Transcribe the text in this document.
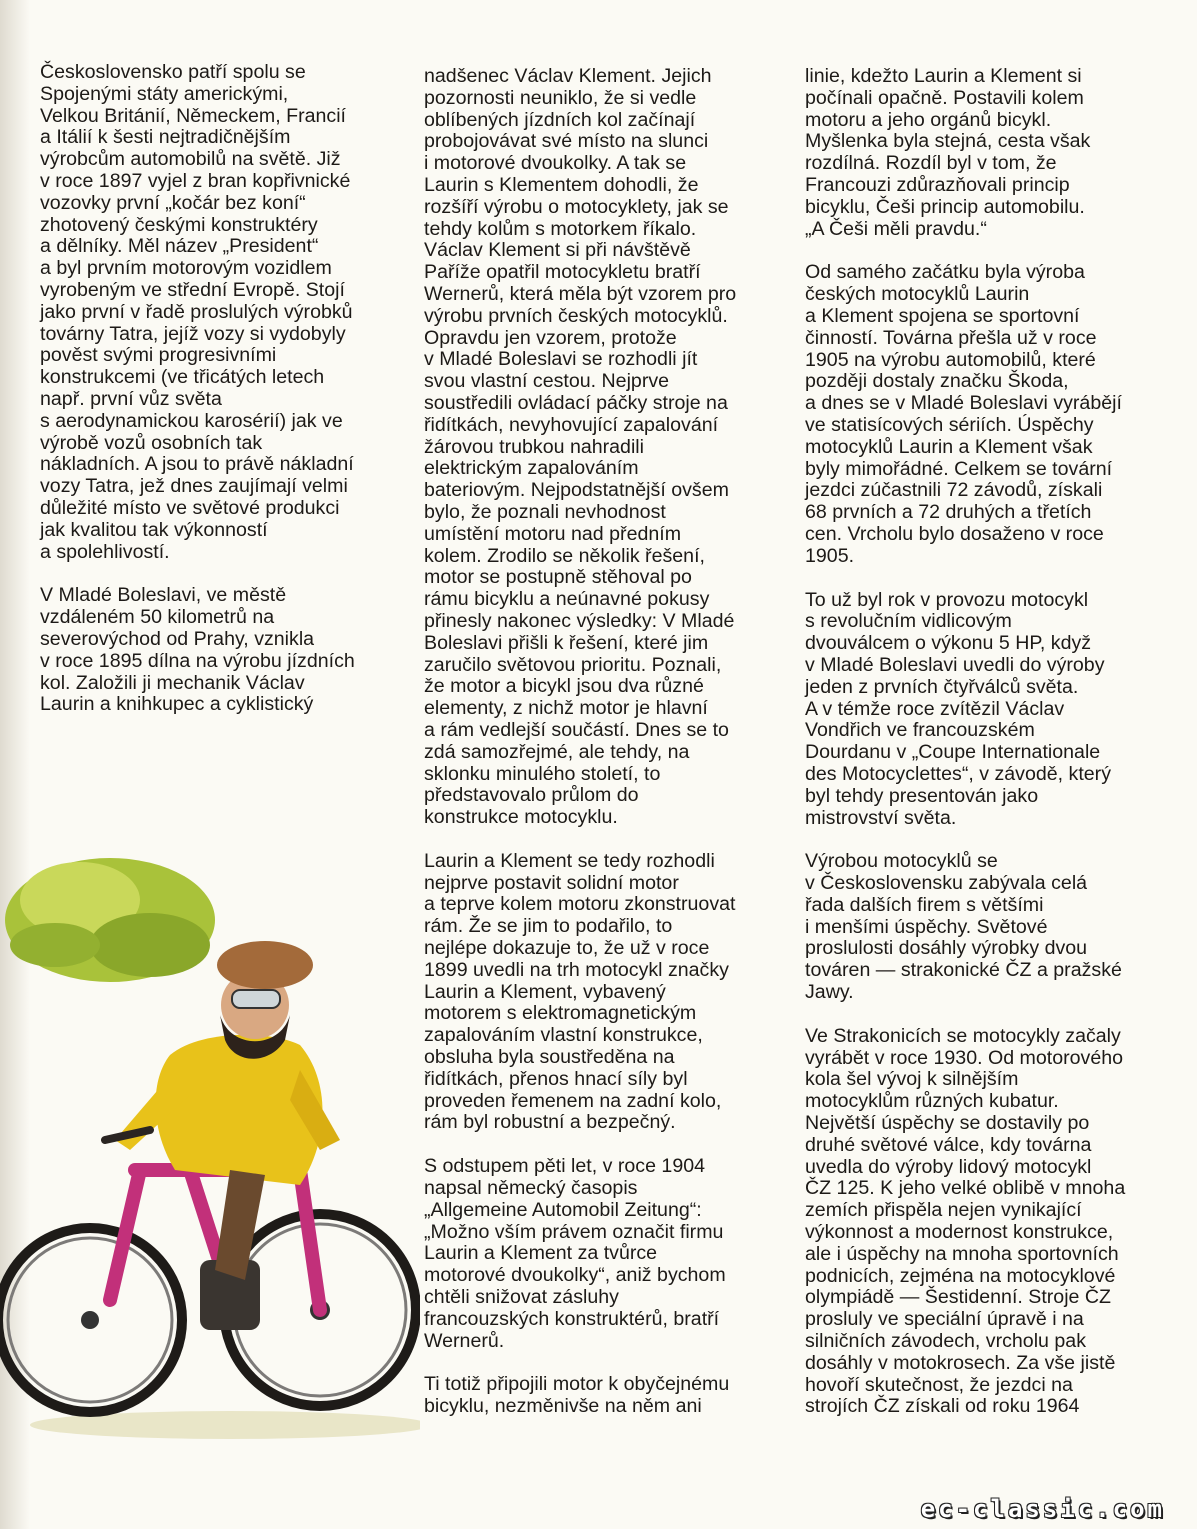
Československo patří spolu se
Spojenými státy americkými,
Velkou Británií, Německem, Francií
a Itálií k šesti nejtradičnějším
výrobcům automobilů na světě. Již
v roce 1897 vyjel z bran kopřivnické
vozovky první „kočár bez koní“
zhotovený českými konstruktéry
a dělníky. Měl název „President“
a byl prvním motorovým vozidlem
vyrobeným ve střední Evropě. Stojí
jako první v řadě proslulých výrobků
továrny Tatra, jejíž vozy si vydobyly
pověst svými progresivními
konstrukcemi (ve třicátých letech
např. první vůz světa
s aerodynamickou karosérií) jak ve
výrobě vozů osobních tak
nákladních. A jsou to právě nákladní
vozy Tatra, jež dnes zaujímají velmi
důležité místo ve světové produkci
jak kvalitou tak výkonností
a spolehlivostí.

V Mladé Boleslavi, ve městě
vzdáleném 50 kilometrů na
severovýchod od Prahy, vznikla
v roce 1895 dílna na výrobu jízdních
kol. Založili ji mechanik Václav
Laurin a knihkupec a cyklistický

nadšenec Václav Klement. Jejich
pozornosti neuniklo, že si vedle
oblíbených jízdních kol začínají
probojovávat své místo na slunci
i motorové dvoukolky. A tak se
Laurin s Klementem dohodli, že
rozšíří výrobu o motocyklety, jak se
tehdy kolům s motorkem říkalo.
Václav Klement si při návštěvě
Paříže opatřil motocykletu bratří
Wernerů, která měla být vzorem pro
výrobu prvních českých motocyklů.
Opravdu jen vzorem, protože
v Mladé Boleslavi se rozhodli jít
svou vlastní cestou. Nejprve
soustředili ovládací páčky stroje na
řidítkách, nevyhovující zapalování
žárovou trubkou nahradili
elektrickým zapalováním
bateriovým. Nejpodstatnější ovšem
bylo, že poznali nevhodnost
umístění motoru nad předním
kolem. Zrodilo se několik řešení,
motor se postupně stěhoval po
rámu bicyklu a neúnavné pokusy
přinesly nakonec výsledky: V Mladé
Boleslavi přišli k řešení, které jim
zaručilo světovou prioritu. Poznali,
že motor a bicykl jsou dva různé
elementy, z nichž motor je hlavní
a rám vedlejší součástí. Dnes se to
zdá samozřejmé, ale tehdy, na
sklonku minulého století, to
představovalo průlom do
konstrukce motocyklu.

Laurin a Klement se tedy rozhodli
nejprve postavit solidní motor
a teprve kolem motoru zkonstruovat
rám. Že se jim to podařilo, to
nejlépe dokazuje to, že už v roce
1899 uvedli na trh motocykl značky
Laurin a Klement, vybavený
motorem s elektromagnetickým
zapalováním vlastní konstrukce,
obsluha byla soustředěna na
řidítkách, přenos hnací síly byl
proveden řemenem na zadní kolo,
rám byl robustní a bezpečný.

S odstupem pěti let, v roce 1904
napsal německý časopis
„Allgemeine Automobil Zeitung“:
„Možno vším právem označit firmu
Laurin a Klement za tvůrce
motorové dvoukolky“, aniž bychom
chtěli snižovat zásluhy
francouzských konstruktérů, bratří
Wernerů.

Ti totiž připojili motor k obyčejnému
bicyklu, nezměnivše na něm ani

linie, kdežto Laurin a Klement si
počínali opačně. Postavili kolem
motoru a jeho orgánů bicykl.
Myšlenka byla stejná, cesta však
rozdílná. Rozdíl byl v tom, že
Francouzi zdůrazňovali princip
bicyklu, Češi princip automobilu.
„A Češi měli pravdu.“

Od samého začátku byla výroba
českých motocyklů Laurin
a Klement spojena se sportovní
činností. Továrna přešla už v roce
1905 na výrobu automobilů, které
později dostaly značku Škoda,
a dnes se v Mladé Boleslavi vyrábějí
ve statisícových sériích. Úspěchy
motocyklů Laurin a Klement však
byly mimořádné. Celkem se tovární
jezdci zúčastnili 72 závodů, získali
68 prvních a 72 druhých a třetích
cen. Vrcholu bylo dosaženo v roce
1905.

To už byl rok v provozu motocykl
s revolučním vidlicovým
dvouválcem o výkonu 5 HP, když
v Mladé Boleslavi uvedli do výroby
jeden z prvních čtyřválců světa.
A v témže roce zvítězil Václav
Vondřich ve francouzském
Dourdanu v „Coupe Internationale
des Motocyclettes“, v závodě, který
byl tehdy presentován jako
mistrovství světa.

Výrobou motocyklů se
v Československu zabývala celá
řada dalších firem s většími
i menšími úspěchy. Světové
proslulosti dosáhly výrobky dvou
továren — strakonické ČZ a pražské
Jawy.

Ve Strakonicích se motocykly začaly
vyrábět v roce 1930. Od motorového
kola šel vývoj k silnějším
motocyklům různých kubatur.
Největší úspěchy se dostavily po
druhé světové válce, kdy továrna
uvedla do výroby lidový motocykl
ČZ 125. K jeho velké oblibě v mnoha
zemích přispěla nejen vynikající
výkonnost a modernost konstrukce,
ale i úspěchy na mnoha sportovních
podnicích, zejména na motocyklové
olympiádě — Šestidenní. Stroje ČZ
prosluly ve speciální úpravě i na
silničních závodech, vrcholu pak
dosáhly v motokrosech. Za vše jistě
hovoří skutečnost, že jezdci na
strojích ČZ získali od roku 1964

ec-classic.com
